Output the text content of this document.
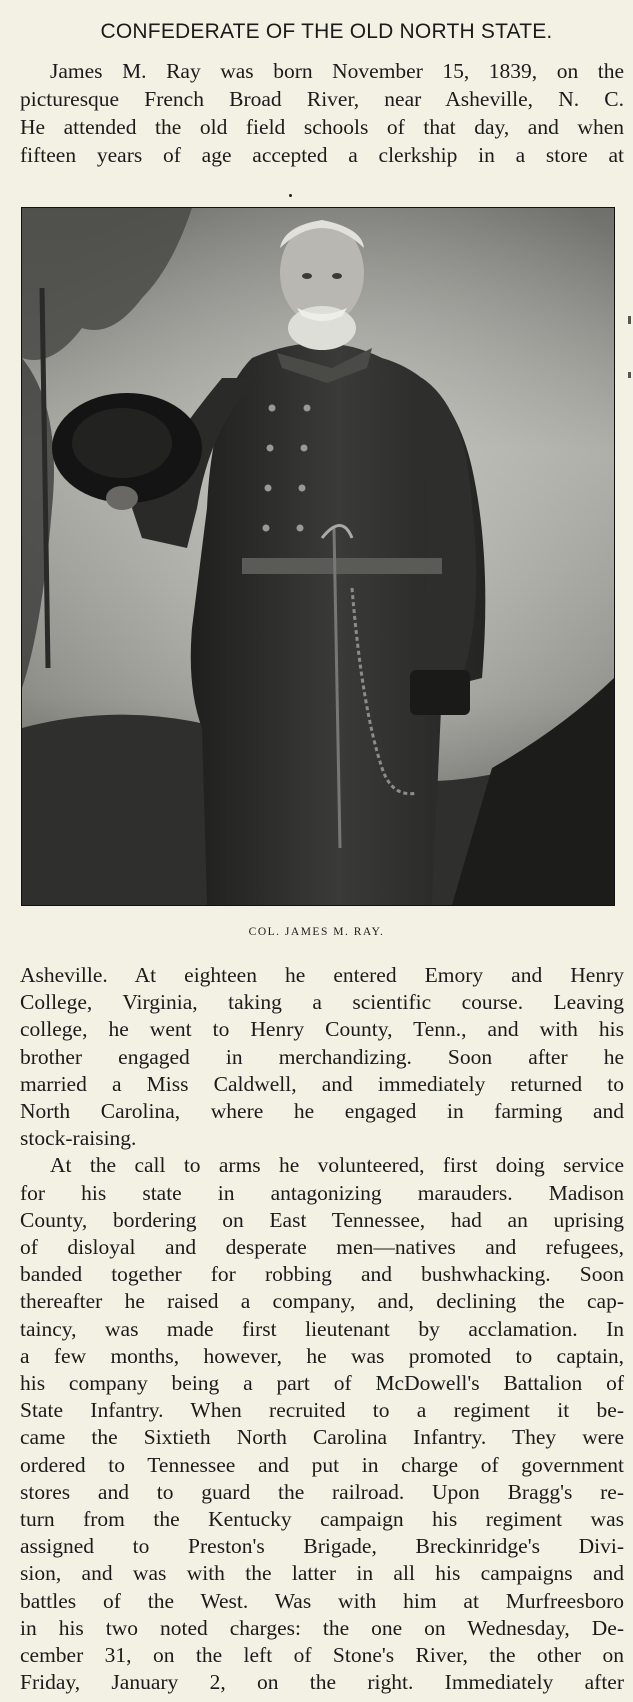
CONFEDERATE OF THE OLD NORTH STATE.
James M. Ray was born November 15, 1839, on the
picturesque French Broad River, near Asheville, N. C.
He attended the old field schools of that day, and when
fifteen years of age accepted a clerkship in a store at
COL. JAMES M. RAY.
Asheville. At eighteen he entered Emory and Henry
College, Virginia, taking a scientific course. Leaving
college, he went to Henry County, Tenn., and with his
brother engaged in merchandizing. Soon after he
married a Miss Caldwell, and immediately returned to
North Carolina, where he engaged in farming and
stock-raising.
At the call to arms he volunteered, first doing service
for his state in antagonizing marauders. Madison
County, bordering on East Tennessee, had an uprising
of disloyal and desperate men—natives and refugees,
banded together for robbing and bushwhacking. Soon
thereafter he raised a company, and, declining the cap-
taincy, was made first lieutenant by acclamation. In
a few months, however, he was promoted to captain,
his company being a part of McDowell's Battalion of
State Infantry. When recruited to a regiment it be-
came the Sixtieth North Carolina Infantry. They were
ordered to Tennessee and put in charge of government
stores and to guard the railroad. Upon Bragg's re-
turn from the Kentucky campaign his regiment was
assigned to Preston's Brigade, Breckinridge's Divi-
sion, and was with the latter in all his campaigns and
battles of the West. Was with him at Murfreesboro
in his two noted charges: the one on Wednesday, De-
cember 31, on the left of Stone's River, the other on
Friday, January 2, on the right. Immediately after
